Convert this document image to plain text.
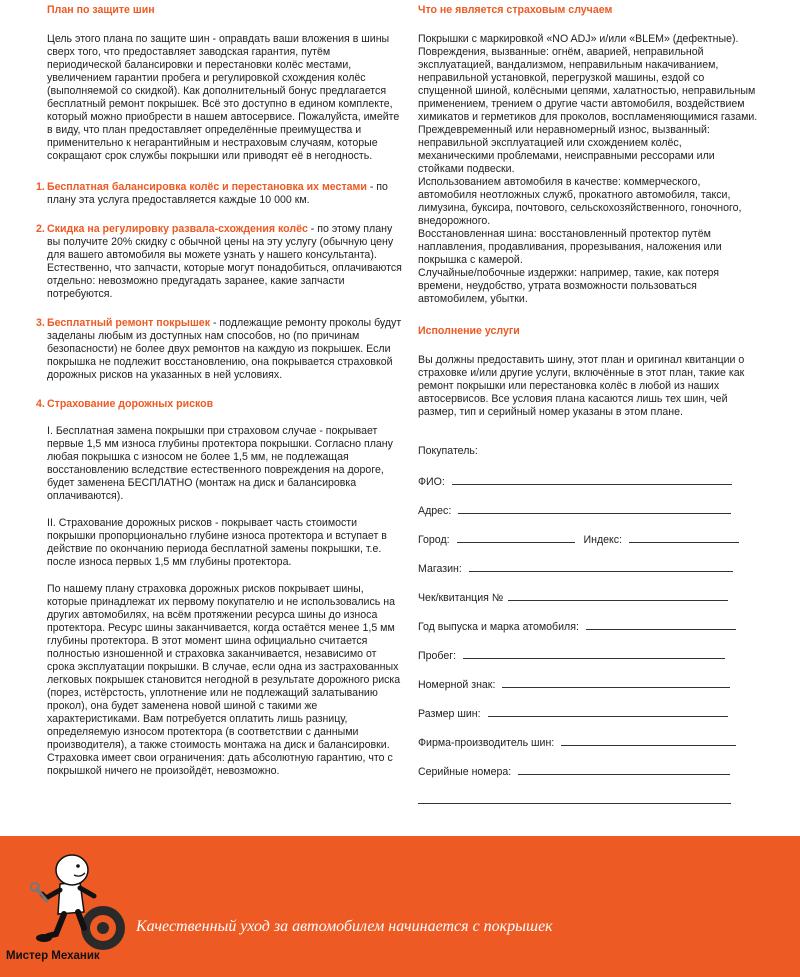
План по защите шин
Цель этого плана по защите шин - оправдать ваши вложения в шины сверх того, что предоставляет заводская гарантия, путём периодической балансировки и перестановки колёс местами, увеличением гарантии пробега и регулировкой схождения колёс (выполняемой со скидкой). Как дополнительный бонус предлагается бесплатный ремонт покрышек. Всё это доступно в едином комплекте, который можно приобрести в нашем автосервисе. Пожалуйста, имейте в виду, что план предоставляет определённые преимущества и применительно к негарантийным и нестраховым случаям, которые сокращают срок службы покрышки или приводят её в негодность.
1. Бесплатная балансировка колёс и перестановка их местами - по плану эта услуга предоставляется каждые 10 000 км.
2. Скидка на регулировку развала-схождения колёс - по этому плану вы получите 20% скидку с обычной цены на эту услугу (обычную цену для вашего автомобиля вы можете узнать у нашего консультанта). Естественно, что запчасти, которые могут понадобиться, оплачиваются отдельно: невозможно предугадать заранее, какие запчасти потребуются.
3. Бесплатный ремонт покрышек - подлежащие ремонту проколы будут заделаны любым из доступных нам способов, но (по причинам безопасности) не более двух ремонтов на каждую из покрышек. Если покрышка не подлежит восстановлению, она покрывается страховкой дорожных рисков на указанных в ней условиях.
4. Страхование дорожных рисков

I. Бесплатная замена покрышки при страховом случае - покрывает первые 1,5 мм износа глубины протектора покрышки. Согласно плану любая покрышка с износом не более 1,5 мм, не подлежащая восстановлению вследствие естественного повреждения на дороге, будет заменена БЕСПЛАТНО (монтаж на диск и балансировка оплачиваются).

II. Страхование дорожных рисков - покрывает часть стоимости покрышки пропорционально глубине износа протектора и вступает в действие по окончанию периода бесплатной замены покрышки, т.е. после износа первых 1,5 мм глубины протектора.

По нашему плану страховка дорожных рисков покрывает шины, которые принадлежат их первому покупателю и не использовались на других автомобилях, на всём протяжении ресурса шины до износа протектора. Ресурс шины заканчивается, когда остаётся менее 1,5 мм глубины протектора. В этот момент шина официально считается полностью изношенной и страховка заканчивается, независимо от срока эксплуатации покрышки. В случае, если одна из застрахованных легковых покрышек становится негодной в результате дорожного риска (порез, истёрстость, уплотнение или не подлежащий залатыванию прокол), она будет заменена новой шиной с такими же характеристиками. Вам потребуется оплатить лишь разницу, определяемую износом протектора (в соответствии с данными производителя), а также стоимость монтажа на диск и балансировки. Страховка имеет свои ограничения: дать абсолютную гарантию, что с покрышкой ничего не произойдёт, невозможно.
Что не является страховым случаем
Покрышки с маркировкой «NO ADJ» и/или «BLEM» (дефектные).
Повреждения, вызванные: огнём, аварией, неправильной эксплуатацией, вандализмом, неправильным накачиванием, неправильной установкой, перегрузкой машины, ездой со спущенной шиной, колёсными цепями, халатностью, неправильным применением, трением о другие части автомобиля, воздействием химикатов и герметиков для проколов, воспламеняющимися газами.
Преждевременный или неравномерный износ, вызванный: неправильной эксплуатацией или схождением колёс, механическими проблемами, неисправными рессорами или стойками подвески.
Использованием автомобиля в качестве: коммерческого, автомобиля неотложных служб, прокатного автомобиля, такси, лимузина, буксира, почтового, сельскохозяйственного, гоночного, внедорожного.
Восстановленная шина: восстановленный протектор путём наплавления, продавливания, прорезывания, наложения или покрышка с камерой.
Случайные/побочные издержки: например, такие, как потеря времени, неудобство, утрата возможности пользоваться автомобилем, убытки.
Исполнение услуги
Вы должны предоставить шину, этот план и оригинал квитанции о страховке и/или другие услуги, включённые в этот план, такие как ремонт покрышки или перестановка колёс в любой из наших автосервисов. Все условия плана касаются лишь тех шин, чей размер, тип и серийный номер указаны в этом плане.
Покупатель:
ФИО:
Адрес:
Город:	Индекс:
Магазин:
Чек/квитанция №
Год выпуска и марка атомобиля:
Пробег:
Номерной знак:
Размер шин:
Фирма-производитель шин:
Серийные номера:
Качественный уход за автомобилем начинается с покрышек
Мистер Механик
